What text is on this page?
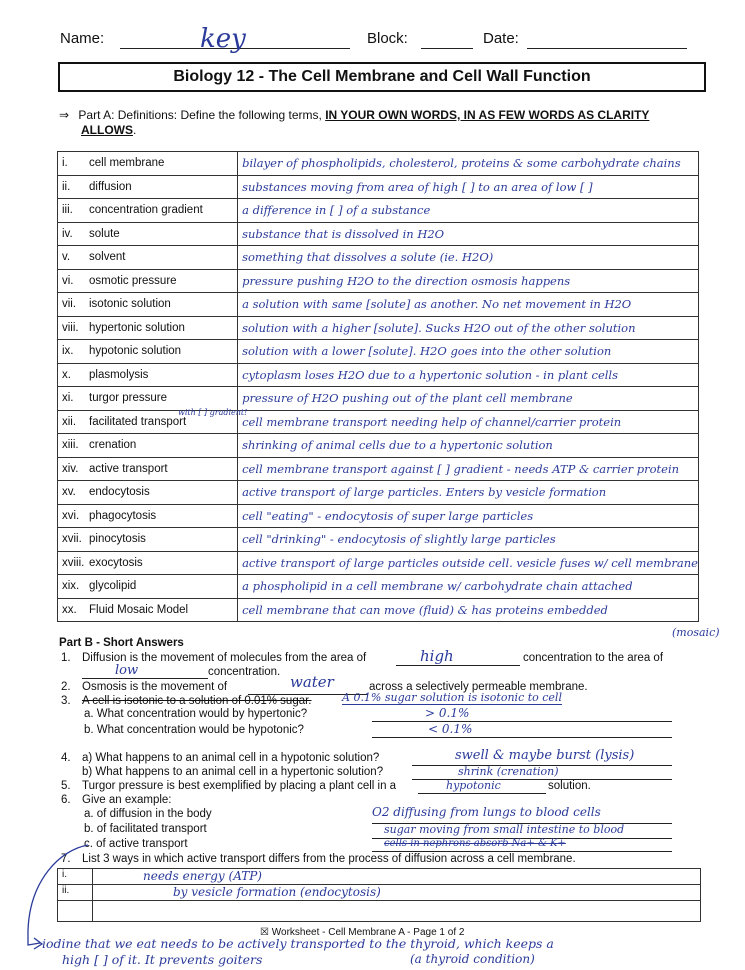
Name:	key	Block:	Date:
Biology 12 - The Cell Membrane and Cell Wall Function
⇒ Part A: Definitions: Define the following terms, IN YOUR OWN WORDS, IN AS FEW WORDS AS CLARITY
ALLOWS.
i. cell membrane	bilayer of phospholipids, cholesterol, proteins & some carbohydrate chains
ii. diffusion	substances moving from area of high [ ] to an area of low [ ]
iii. concentration gradient	a difference in [ ] of a substance
iv. solute	substance that is dissolved in H2O
v. solvent	something that dissolves a solute (ie. H2O)
vi. osmotic pressure	pressure pushing H2O to the direction osmosis happens
vii. isotonic solution	a solution with same [solute] as another. No net movement in H2O
viii. hypertonic solution	solution with a higher [solute]. Sucks H2O out of the other solution
ix. hypotonic solution	solution with a lower [solute]. H2O goes into the other solution
x. plasmolysis	cytoplasm loses H2O due to a hypertonic solution - in plant cells
xi. turgor pressure	pressure of H2O pushing out of the plant cell membrane
xii. facilitated transport	cell membrane transport needing help of channel/carrier protein
xiii. crenation	shrinking of animal cells due to a hypertonic solution
xiv. active transport	cell membrane transport against [ ] gradient - needs ATP & carrier protein
xv. endocytosis	active transport of large particles. Enters by vesicle formation
xvi. phagocytosis	cell "eating" - endocytosis of super large particles
xvii. pinocytosis	cell "drinking" - endocytosis of slightly large particles
xviii. exocytosis	active transport of large particles outside cell. vesicle fuses w/ cell membrane
xix. glycolipid	a phospholipid in a cell membrane w/ carbohydrate chain attached
xx. Fluid Mosaic Model	cell membrane that can move (fluid) & has proteins embedded
with [ ] gradient!
(mosaic)
Part B - Short Answers
1. Diffusion is the movement of molecules from the area of	high	concentration to the area of
low	concentration.
2. Osmosis is the movement of	water	across a selectively permeable membrane.
3. A cell is isotonic to a solution of 0.01% sugar.	A 0.1% sugar solution is isotonic to cell
a. What concentration would by hypertonic?	> 0.1%
b. What concentration would be hypotonic?	< 0.1%
4. a) What happens to an animal cell in a hypotonic solution?	swell & maybe burst (lysis)
b) What happens to an animal cell in a hypertonic solution?	shrink (crenation)
5. Turgor pressure is best exemplified by placing a plant cell in a	hypotonic	solution.
6. Give an example:
a. of diffusion in the body	O2 diffusing from lungs to blood cells
b. of facilitated transport	sugar moving from small intestine to blood
c. of active transport	cells in nephrons absorb Na+ & K+
7. List 3 ways in which active transport differs from the process of diffusion across a cell membrane.
i.	needs energy (ATP)
ii.	by vesicle formation (endocytosis)
☒ Worksheet - Cell Membrane A - Page 1 of 2
iodine that we eat needs to be actively transported to the thyroid, which keeps a
high [ ] of it. It prevents goiters	(a thyroid condition)
